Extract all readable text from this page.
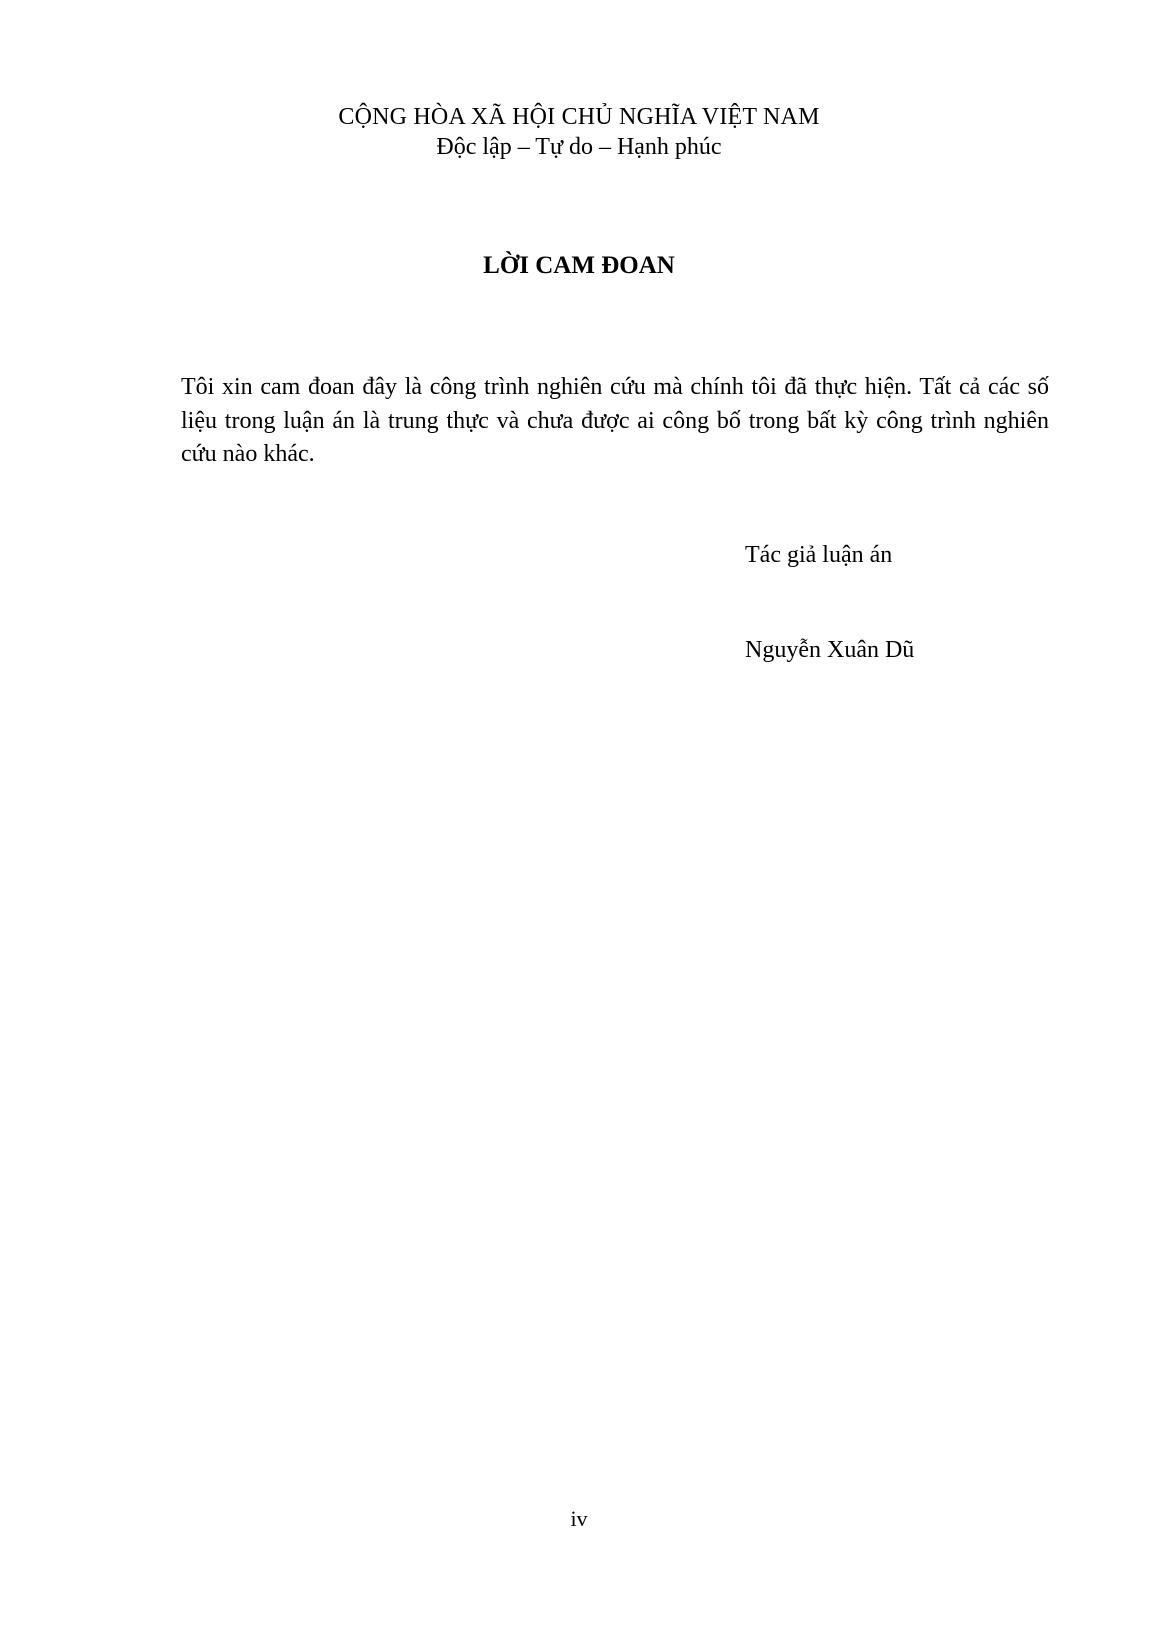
CỘNG HÒA XÃ HỘI CHỦ NGHĨA VIỆT NAM
Độc lập – Tự do – Hạnh phúc
LỜI CAM ĐOAN

Tôi xin cam đoan đây là công trình nghiên cứu mà chính tôi đã thực hiện. Tất cả các số liệu trong luận án là trung thực và chưa được ai công bố trong bất kỳ công trình nghiên cứu nào khác.

Tác giả luận án
Nguyễn Xuân Dũ
iv
